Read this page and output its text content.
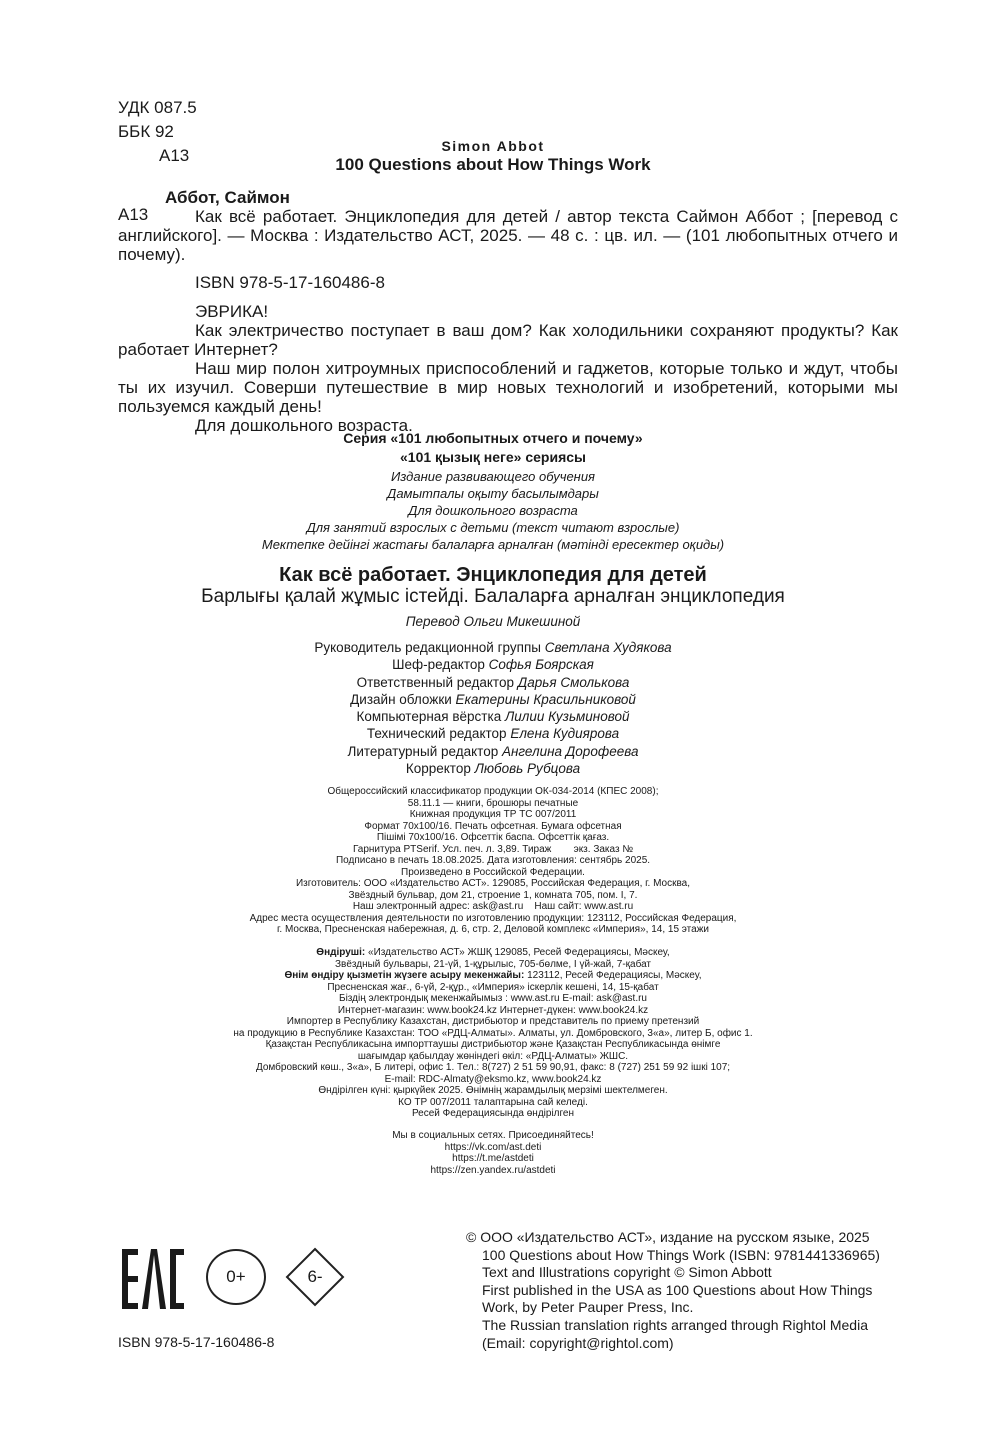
УДК 087.5
ББК 92
А13	Simon Abbot
100 Questions about How Things Work
А13

Аббот, Саймон

Как всё работает. Энциклопедия для детей / автор текста Саймон Аббот ; [перевод с английского]. — Москва : Издательство АСТ, 2025. — 48 с. : цв. ил. — (101 любопытных отчего и почему).

ISBN 978-5-17-160486-8

ЭВРИКА!

Как электричество поступает в ваш дом? Как холодильники сохраняют продукты? Как работает Интернет?

Наш мир полон хитроумных приспособлений и гаджетов, которые только и ждут, чтобы ты их изучил. Соверши путешествие в мир новых технологий и изобретений, которыми мы пользуемся каждый день!

Для дошкольного возраста.

Серия «101 любопытных отчего и почему»
«101 қызық неге» сериясы
Издание развивающего обучения
Дамытпалы оқыту басылымдары
Для дошкольного возраста
Для занятий взрослых с детьми (текст читают взрослые)
Мектепке дейінгі жастағы балаларға арналған (мәтінді ересектер оқиды)
Как всё работает. Энциклопедия для детей
Барлығы қалай жұмыс істейді. Балаларға арналған энциклопедия
Перевод Ольги Микешиной
Руководитель редакционной группы Светлана Худякова
Шеф-редактор Софья Боярская
Ответственный редактор Дарья Смолькова
Дизайн обложки Екатерины Красильниковой
Компьютерная вёрстка Лилии Кузьминовой
Технический редактор Елена Кудиярова
Литературный редактор Ангелина Дорофеева
Корректор Любовь Рубцова
Общероссийский классификатор продукции ОК-034-2014 (КПЕС 2008);
58.11.1 — книги, брошюры печатные
Книжная продукция ТР ТС 007/2011
Формат 70x100/16. Печать офсетная. Бумага офсетная
Пішімі 70x100/16. Офсеттік баспа. Офсеттік қағаз.
Гарнитура PTSerif. Усл. печ. л. 3,89. Тираж        экз. Заказ №
Подписано в печать 18.08.2025. Дата изготовления: сентябрь 2025.
Произведено в Российской Федерации.
Изготовитель: ООО «Издательство АСТ». 129085, Российская Федерация, г. Москва,
Звёздный бульвар, дом 21, строение 1, комната 705, пом. I, 7.
Наш электронный адрес: ask@ast.ru    Наш сайт: www.ast.ru
Адрес места осуществления деятельности по изготовлению продукции: 123112, Российская Федерация,
г. Москва, Пресненская набережная, д. 6, стр. 2, Деловой комплекс «Империя», 14, 15 этажи
Өндіруші: «Издательство АСТ» ЖШҚ 129085, Ресей Федерациясы, Мәскеу,
Звёздный бульвары, 21-үй, 1-құрылыс, 705-бөлме, I үй-жай, 7-қабат
Өнім өндіру қызметін жүзеге асыру мекенжайы: 123112, Ресей Федерациясы, Мәскеу,
Пресненская жағ., 6-үй, 2-құр., «Империя» іскерлік кешені, 14, 15-қабат
Біздің электрондық мекенжайымыз : www.ast.ru E-mail: ask@ast.ru
Интернет-магазин: www.book24.kz Интернет-дүкен: www.book24.kz
Импортер в Республику Казахстан, дистрибьютор и представитель по приему претензий
на продукцию в Республике Казахстан: ТОО «РДЦ-Алматы». Алматы, ул. Домбровского, 3«а», литер Б, офис 1.
Қазақстан Республикасына импорттаушы дистрибьютор және Қазақстан Республикасында өнімге
шағымдар қабылдау жөніндегі өкіл: «РДЦ-Алматы» ЖШС.
Домбровский көш., 3«а», Б литері, офис 1. Тел.: 8(727) 2 51 59 90,91, факс: 8 (727) 251 59 92 ішкі 107;
E-mail: RDC-Almaty@eksmo.kz, www.book24.kz
Өндірілген күні: қыркүйек 2025. Өнімнің жарамдылық мерзімі шектелмеген.
КО ТР 007/2011 талаптарына сай келеді.
Ресей Федерациясында өндірілген
Мы в социальных сетях. Присоединяйтесь!
https://vk.com/ast.deti
https://t.me/astdeti
https://zen.yandex.ru/astdeti
© ООО «Издательство АСТ», издание на русском языке, 2025
100 Questions about How Things Work (ISBN: 9781441336965)
Text and Illustrations copyright © Simon Abbott
First published in the USA as 100 Questions about How Things
Work, by Peter Pauper Press, Inc.
The Russian translation rights arranged through Rightol Media
(Email: copyright@rightol.com)
0+	6-
ISBN 978-5-17-160486-8
